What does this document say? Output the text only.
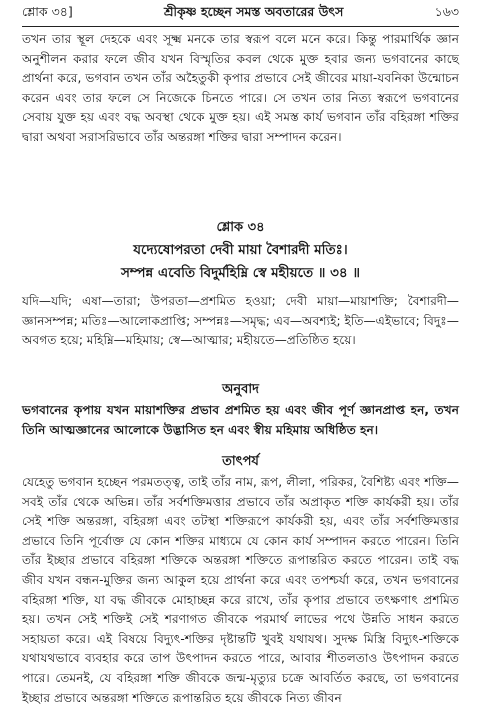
শ্লোক ৩৪]	শ্রীকৃষ্ণ হচ্ছেন সমস্ত অবতারের উৎস	১৬৩
তখন তার স্থূল দেহকে এবং সূক্ষ্ম মনকে তার স্বরূপ বলে মনে করে। কিন্তু পারমার্থিক জ্ঞান অনুশীলন করার ফলে জীব যখন বিস্মৃতির কবল থেকে মুক্ত হবার জন্য ভগবানের কাছে প্রার্থনা করে, ভগবান তখন তাঁর অহৈতুকী কৃপার প্রভাবে সেই জীবের মায়া-যবনিকা উন্মোচন করেন এবং তার ফলে সে নিজেকে চিনতে পারে। সে তখন তার নিত্য স্বরূপে ভগবানের সেবায় যুক্ত হয় এবং বদ্ধ অবস্থা থেকে মুক্ত হয়। এই সমস্ত কার্য ভগবান তাঁর বহিরঙ্গা শক্তির দ্বারা অথবা সরাসরিভাবে তাঁর অন্তরঙ্গা শক্তির দ্বারা সম্পাদন করেন।
শ্লোক ৩৪
যদ্যেষোপরতা দেবী মায়া বৈশারদী মতিঃ।
সম্পন্ন এবেতি বিদুর্মহিম্নি স্বে মহীয়তে ॥ ৩৪ ॥
যদি—যদি; এষা—তারা; উপরতা—প্রশমিত হওয়া; দেবী মায়া—মায়াশক্তি; বৈশারদী—জ্ঞানসম্পন্ন; মতিঃ—আলোকপ্রাপ্তি; সম্পন্নঃ—সমৃদ্ধ; এব—অবশ্যই; ইতি—এইভাবে; বিদুঃ—অবগত হয়ে; মহিম্নি—মহিমায়; স্বে—আত্মার; মহীয়তে—প্রতিষ্ঠিত হয়ে।
অনুবাদ
ভগবানের কৃপায় যখন মায়াশক্তির প্রভাব প্রশমিত হয় এবং জীব পূর্ণ জ্ঞানপ্রাপ্ত হন, তখন তিনি আত্মজ্ঞানের আলোকে উদ্ভাসিত হন এবং স্বীয় মহিমায় অধিষ্ঠিত হন।
তাৎপর্য
যেহেতু ভগবান হচ্ছেন পরমতত্ত্ব, তাই তাঁর নাম, রূপ, লীলা, পরিকর, বৈশিষ্ট্য এবং শক্তি—সবই তাঁর থেকে অভিন্ন। তাঁর সর্বশক্তিমত্তার প্রভাবে তাঁর অপ্রাকৃত শক্তি কার্যকরী হয়। তাঁর সেই শক্তি অন্তরঙ্গা, বহিরঙ্গা এবং তটস্থা শক্তিরূপে কার্যকরী হয়, এবং তাঁর সর্বশক্তিমত্তার প্রভাবে তিনি পূর্বোক্ত যে কোন শক্তির মাধ্যমে যে কোন কার্য সম্পাদন করতে পারেন। তিনি তাঁর ইচ্ছার প্রভাবে বহিরঙ্গা শক্তিকে অন্তরঙ্গা শক্তিতে রূপান্তরিত করতে পারেন। তাই বদ্ধ জীব যখন বন্ধন-মুক্তির জন্য আকুল হয়ে প্রার্থনা করে এবং তপশ্চর্যা করে, তখন ভগবানের বহিরঙ্গা শক্তি, যা বদ্ধ জীবকে মোহাচ্ছন্ন করে রাখে, তাঁর কৃপার প্রভাবে তৎক্ষণাৎ প্রশমিত হয়। তখন সেই শক্তিই সেই শরণাগত জীবকে পরমার্থ লাভের পথে উন্নতি সাধন করতে সহায়তা করে। এই বিষয়ে বিদ্যুৎ-শক্তির দৃষ্টান্তটি খুবই যথাযথ। সুদক্ষ মিস্ত্রি বিদ্যুৎ-শক্তিকে যথাযথভাবে ব্যবহার করে তাপ উৎপাদন করতে পারে, আবার শীতলতাও উৎপাদন করতে পারে। তেমনই, যে বহিরঙ্গা শক্তি জীবকে জন্ম-মৃত্যুর চক্রে আবর্তিত করছে, তা ভগবানের ইচ্ছার প্রভাবে অন্তরঙ্গা শক্তিতে রূপান্তরিত হয়ে জীবকে নিত্য জীবন
